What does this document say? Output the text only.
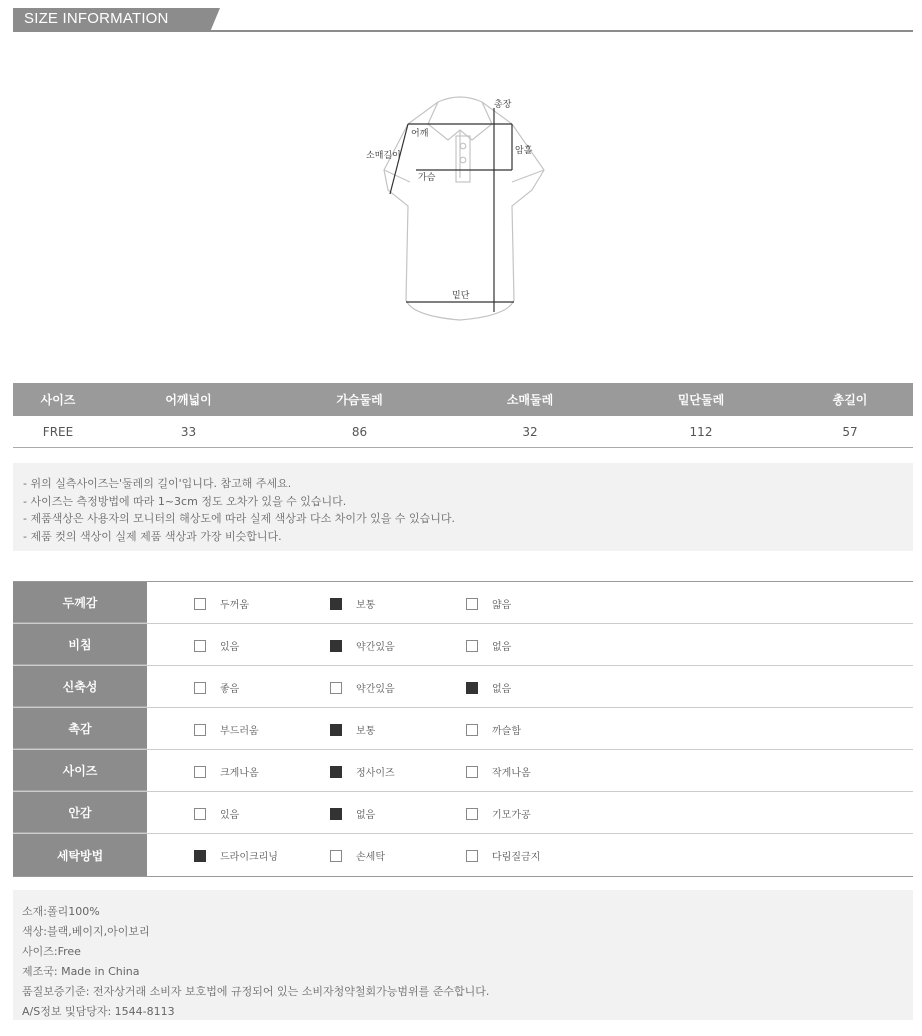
SIZE INFORMATION
총장
어깨
소매길이	암홀
가슴
밑단
사이즈	어깨넓이	가슴둘레	소매둘레	밑단둘레	총길이
FREE	33	86	32	112	57
- 위의 실측사이즈는'둘레의 길이'입니다. 참고해 주세요.
- 사이즈는 측정방법에 따라 1~3cm 정도 오차가 있을 수 있습니다.
- 제품색상은 사용자의 모니터의 해상도에 따라 실제 색상과 다소 차이가 있을 수 있습니다.
- 제품 컷의 색상이 실제 제품 색상과 가장 비슷합니다.
두께감	두꺼움	보통	얇음
비침	있음	약간있음	없음
신축성	좋음	약간있음	없음
촉감	부드러움	보통	까슬함
사이즈	크게나옴	정사이즈	작게나옴
안감	있음	없음	기모가공
세탁방법	드라이크리닝	손세탁	다림질금지
소재:폴리100%
색상:블랙,베이지,아이보리
사이즈:Free
제조국: Made in China
품질보증기준: 전자상거래 소비자 보호법에 규정되어 있는 소비자청약철회가능범위를 준수합니다.
A/S정보 및담당자: 1544-8113
